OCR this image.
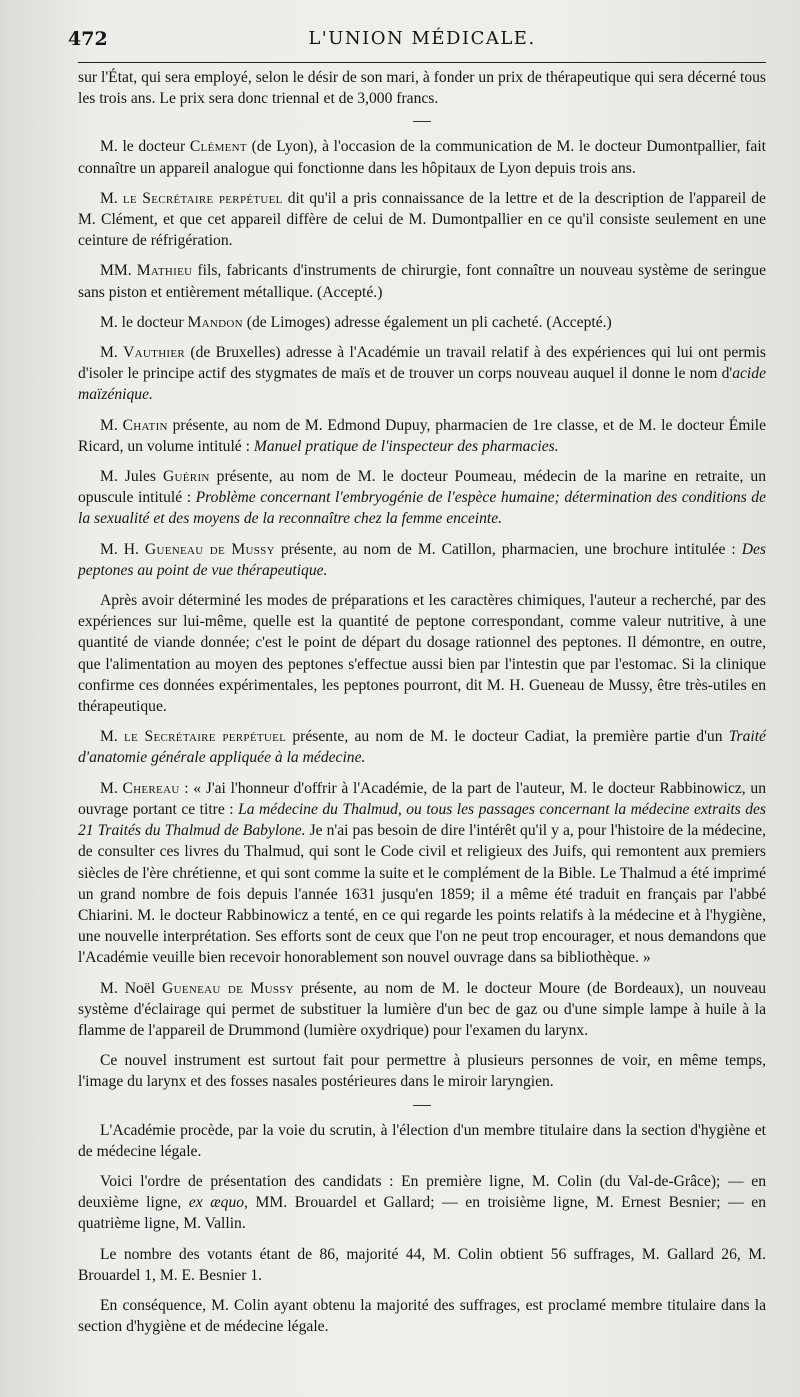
472	L'UNION MÉDICALE.

sur l'État, qui sera employé, selon le désir de son mari, à fonder un prix de thérapeutique qui sera décerné tous les trois ans. Le prix sera donc triennal et de 3,000 francs.

M. le docteur Clément (de Lyon), à l'occasion de la communication de M. le docteur Dumontpallier, fait connaître un appareil analogue qui fonctionne dans les hôpitaux de Lyon depuis trois ans.

M. le Secrétaire perpétuel dit qu'il a pris connaissance de la lettre et de la description de l'appareil de M. Clément, et que cet appareil diffère de celui de M. Dumontpallier en ce qu'il consiste seulement en une ceinture de réfrigération.

MM. Mathieu fils, fabricants d'instruments de chirurgie, font connaître un nouveau système de seringue sans piston et entièrement métallique. (Accepté.)

M. le docteur Mandon (de Limoges) adresse également un pli cacheté. (Accepté.)

M. Vauthier (de Bruxelles) adresse à l'Académie un travail relatif à des expériences qui lui ont permis d'isoler le principe actif des stygmates de maïs et de trouver un corps nouveau auquel il donne le nom d'acide maïzénique.

M. Chatin présente, au nom de M. Edmond Dupuy, pharmacien de 1re classe, et de M. le docteur Émile Ricard, un volume intitulé : Manuel pratique de l'inspecteur des pharmacies.

M. Jules Guérin présente, au nom de M. le docteur Poumeau, médecin de la marine en retraite, un opuscule intitulé : Problème concernant l'embryogénie de l'espèce humaine; détermination des conditions de la sexualité et des moyens de la reconnaître chez la femme enceinte.

M. H. Gueneau de Mussy présente, au nom de M. Catillon, pharmacien, une brochure intitulée : Des peptones au point de vue thérapeutique.

Après avoir déterminé les modes de préparations et les caractères chimiques, l'auteur a recherché, par des expériences sur lui-même, quelle est la quantité de peptone correspondant, comme valeur nutritive, à une quantité de viande donnée; c'est le point de départ du dosage rationnel des peptones. Il démontre, en outre, que l'alimentation au moyen des peptones s'effectue aussi bien par l'intestin que par l'estomac. Si la clinique confirme ces données expérimentales, les peptones pourront, dit M. H. Gueneau de Mussy, être très-utiles en thérapeutique.

M. le Secrétaire perpétuel présente, au nom de M. le docteur Cadiat, la première partie d'un Traité d'anatomie générale appliquée à la médecine.

M. Chereau : « J'ai l'honneur d'offrir à l'Académie, de la part de l'auteur, M. le docteur Rabbinowicz, un ouvrage portant ce titre : La médecine du Thalmud, ou tous les passages concernant la médecine extraits des 21 Traités du Thalmud de Babylone. Je n'ai pas besoin de dire l'intérêt qu'il y a, pour l'histoire de la médecine, de consulter ces livres du Thalmud, qui sont le Code civil et religieux des Juifs, qui remontent aux premiers siècles de l'ère chrétienne, et qui sont comme la suite et le complément de la Bible. Le Thalmud a été imprimé un grand nombre de fois depuis l'année 1631 jusqu'en 1859; il a même été traduit en français par l'abbé Chiarini. M. le docteur Rabbinowicz a tenté, en ce qui regarde les points relatifs à la médecine et à l'hygiène, une nouvelle interprétation. Ses efforts sont de ceux que l'on ne peut trop encourager, et nous demandons que l'Académie veuille bien recevoir honorablement son nouvel ouvrage dans sa bibliothèque. »

M. Noël Gueneau de Mussy présente, au nom de M. le docteur Moure (de Bordeaux), un nouveau système d'éclairage qui permet de substituer la lumière d'un bec de gaz ou d'une simple lampe à huile à la flamme de l'appareil de Drummond (lumière oxydrique) pour l'examen du larynx.

Ce nouvel instrument est surtout fait pour permettre à plusieurs personnes de voir, en même temps, l'image du larynx et des fosses nasales postérieures dans le miroir laryngien.

L'Académie procède, par la voie du scrutin, à l'élection d'un membre titulaire dans la section d'hygiène et de médecine légale.

Voici l'ordre de présentation des candidats : En première ligne, M. Colin (du Val-de-Grâce); — en deuxième ligne, ex æquo, MM. Brouardel et Gallard; — en troisième ligne, M. Ernest Besnier; — en quatrième ligne, M. Vallin.

Le nombre des votants étant de 86, majorité 44, M. Colin obtient 56 suffrages, M. Gallard 26, M. Brouardel 1, M. E. Besnier 1.

En conséquence, M. Colin ayant obtenu la majorité des suffrages, est proclamé membre titulaire dans la section d'hygiène et de médecine légale.
